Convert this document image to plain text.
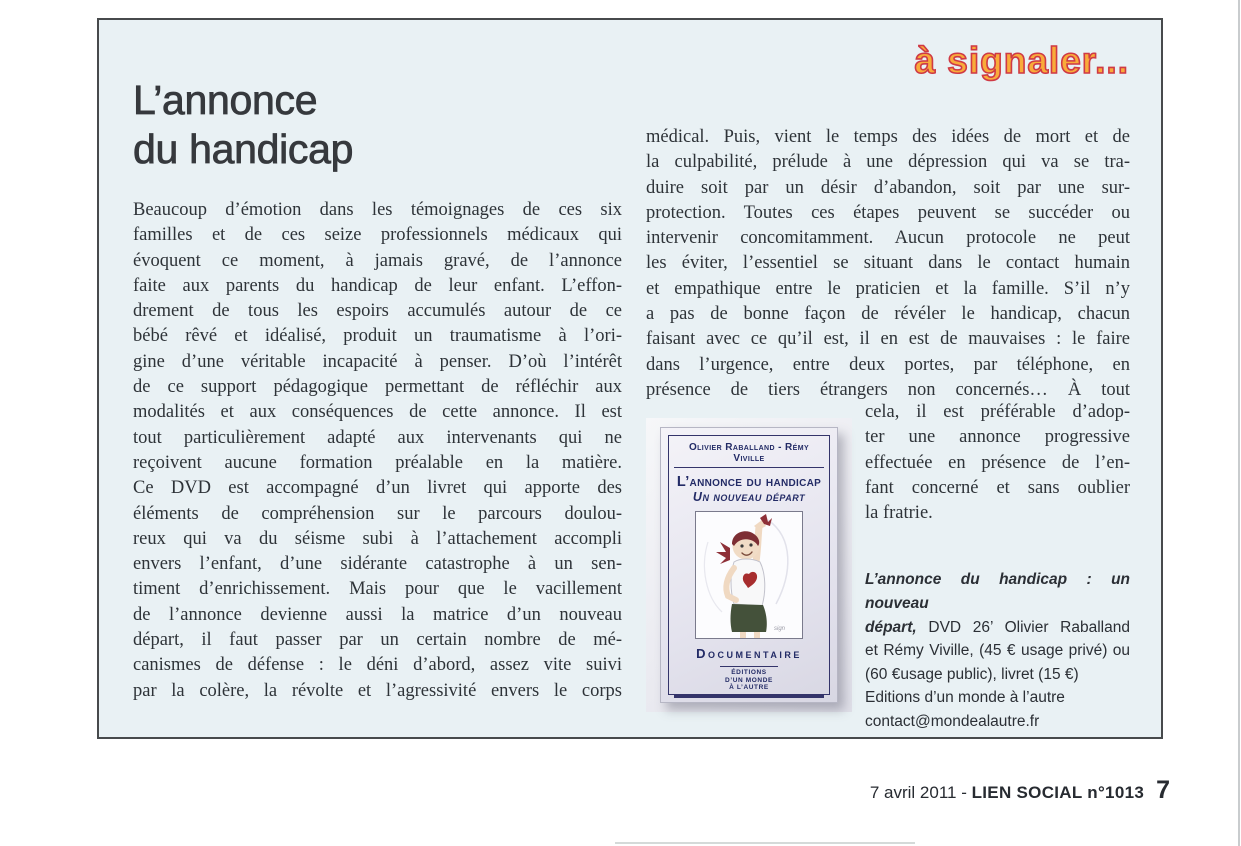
à signaler...
L’annonce
du handicap
Beaucoup d’émotion dans les témoignages de ces six
familles et de ces seize professionnels médicaux qui
évoquent ce moment, à jamais gravé, de l’annonce
faite aux parents du handicap de leur enfant. L’effon-
drement de tous les espoirs accumulés autour de ce
bébé rêvé et idéalisé, produit un traumatisme à l’ori-
gine d’une véritable incapacité à penser. D’où l’intérêt
de ce support pédagogique permettant de réfléchir aux
modalités et aux conséquences de cette annonce. Il est
tout particulièrement adapté aux intervenants qui ne
reçoivent aucune formation préalable en la matière.
Ce DVD est accompagné d’un livret qui apporte des
éléments de compréhension sur le parcours doulou-
reux qui va du séisme subi à l’attachement accompli
envers l’enfant, d’une sidérante catastrophe à un sen-
timent d’enrichissement. Mais pour que le vacillement
de l’annonce devienne aussi la matrice d’un nouveau
départ, il faut passer par un certain nombre de mé-
canismes de défense : le déni d’abord, assez vite suivi
par la colère, la révolte et l’agressivité envers le corps
médical. Puis, vient le temps des idées de mort et de
la culpabilité, prélude à une dépression qui va se tra-
duire soit par un désir d’abandon, soit par une sur-
protection. Toutes ces étapes peuvent se succéder ou
intervenir concomitamment. Aucun protocole ne peut
les éviter, l’essentiel se situant dans le contact humain
et empathique entre le praticien et la famille. S’il n’y
a pas de bonne façon de révéler le handicap, chacun
faisant avec ce qu’il est, il en est de mauvaises : le faire
dans l’urgence, entre deux portes, par téléphone, en
présence de tiers étrangers non concernés… À tout
Olivier Raballand - Rémy Viville
L’annonce du handicap
Un nouveau départ
sign
Documentaire
ÉDITIONS
D’UN MONDE
À L’AUTRE
cela, il est préférable d’adop-
ter une annonce progressive
effectuée en présence de l’en-
fant concerné et sans oublier
la fratrie.
L’annonce du handicap : un nouveau
départ, DVD 26’ Olivier Raballand
et Rémy Viville, (45 € usage privé) ou
(60 €usage public), livret (15 €)
Editions d’un monde à l’autre
contact@mondealautre.fr
7 avril 2011 - LIEN SOCIAL n°1013 7
